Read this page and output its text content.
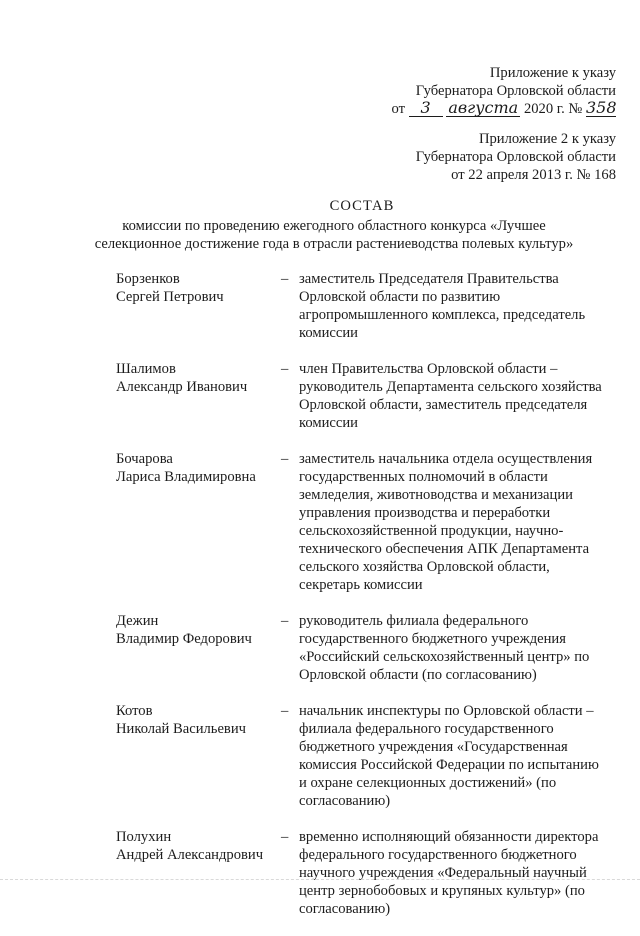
Приложение к указу
Губернатора Орловской области
от 3 августа 2020 г. № 358
Приложение 2 к указу
Губернатора Орловской области
от 22 апреля 2013 г. № 168
СОСТАВ
комиссии по проведению ежегодного областного конкурса «Лучшее
селекционное достижение года в отрасли растениеводства полевых культур»
Борзенков
Сергей Петрович
– заместитель Председателя Правительства
Орловской области по развитию
агропромышленного комплекса, председатель
комиссии
Шалимов
Александр Иванович
– член Правительства Орловской области –
руководитель Департамента сельского хозяйства
Орловской области, заместитель председателя
комиссии
Бочарова
Лариса Владимировна
– заместитель начальника отдела осуществления
государственных полномочий в области
земледелия, животноводства и механизации
управления производства и переработки
сельскохозяйственной продукции, научно-
технического обеспечения АПК Департамента
сельского хозяйства Орловской области,
секретарь комиссии
Дежин
Владимир Федорович
– руководитель филиала федерального
государственного бюджетного учреждения
«Российский сельскохозяйственный центр» по
Орловской области (по согласованию)
Котов
Николай Васильевич
– начальник инспектуры по Орловской области –
филиала федерального государственного
бюджетного учреждения «Государственная
комиссия Российской Федерации по испытанию
и охране селекционных достижений» (по
согласованию)
Полухин
Андрей Александрович
– временно исполняющий обязанности директора
федерального государственного бюджетного
научного учреждения «Федеральный научный
центр зернобобовых и крупяных культур» (по
согласованию)
